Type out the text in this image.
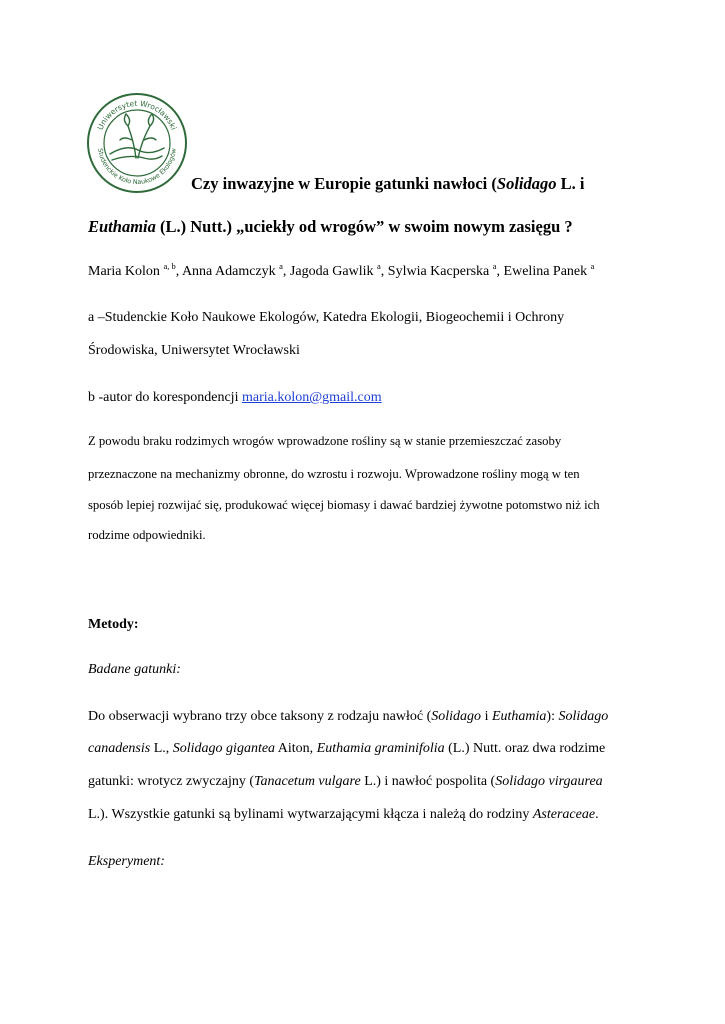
Uniwersytet Wrocławski
Studenckie Koło Naukowe Ekologów
Czy inwazyjne w Europie gatunki nawłoci (Solidago L. i
Euthamia (L.) Nutt.) „uciekły od wrogów” w swoim nowym zasięgu ?
Maria Kolon $^{a, b}$, Anna Adamczyk $^a$, Jagoda Gawlik $^a$, Sylwia Kacperska $^a$, Ewelina Panek $^a$
a –Studenckie Koło Naukowe Ekologów, Katedra Ekologii, Biogeochemii i Ochrony
Środowiska, Uniwersytet Wrocławski
b -autor do korespondencji maria.kolon@gmail.com
Z powodu braku rodzimych wrogów wprowadzone rośliny są w stanie przemieszczać zasoby
przeznaczone na mechanizmy obronne, do wzrostu i rozwoju. Wprowadzone rośliny mogą w ten
sposób lepiej rozwijać się, produkować więcej biomasy i dawać bardziej żywotne potomstwo niż ich
rodzime odpowiedniki.
Metody:
Badane gatunki:
Do obserwacji wybrano trzy obce taksony z rodzaju nawłoć (Solidago i Euthamia): Solidago
canadensis L., Solidago gigantea Aiton, Euthamia graminifolia (L.) Nutt. oraz dwa rodzime
gatunki: wrotycz zwyczajny (Tanacetum vulgare L.) i nawłoć pospolita (Solidago virgaurea
L.). Wszystkie gatunki są bylinami wytwarzającymi kłącza i należą do rodziny Asteraceae.
Eksperyment:
